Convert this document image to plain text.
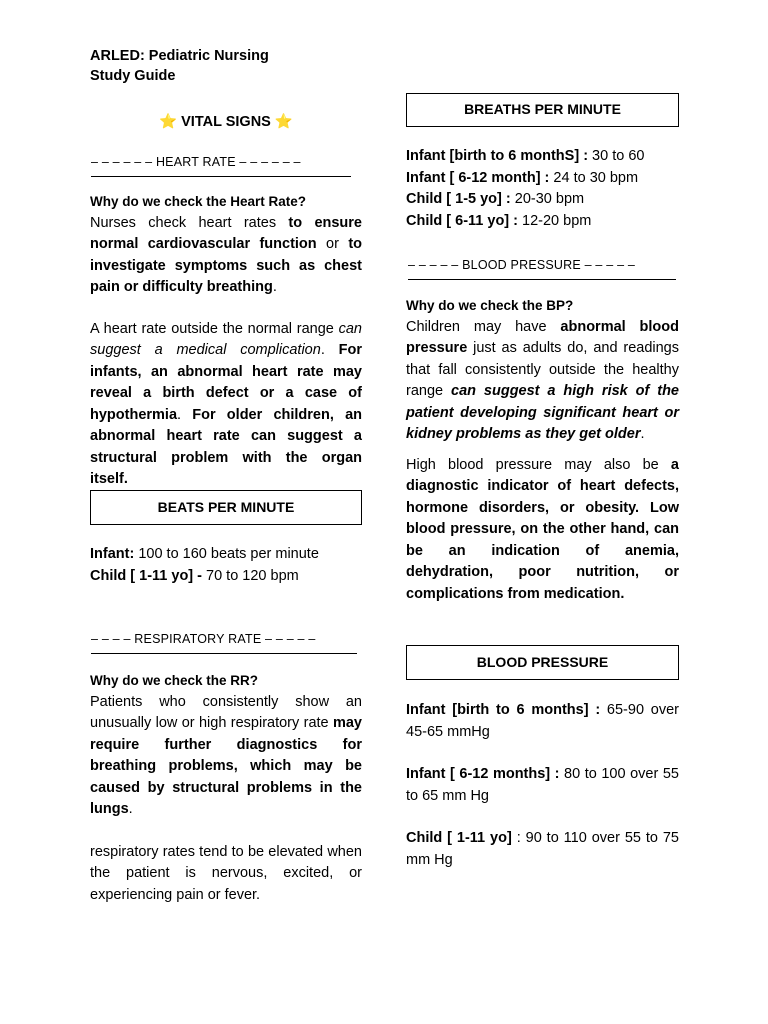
ARLED: Pediatric Nursing
Study Guide
⭐ VITAL SIGNS ⭐
– – – – – – HEART RATE – – – – – –
Why do we check the Heart Rate?
Nurses check heart rates to ensure normal cardiovascular function or to investigate symptoms such as chest pain or difficulty breathing.
A heart rate outside the normal range can suggest a medical complication. For infants, an abnormal heart rate may reveal a birth defect or a case of hypothermia. For older children, an abnormal heart rate can suggest a structural problem with the organ itself.
BEATS PER MINUTE
Infant: 100 to 160 beats per minute
Child [ 1-11 yo] - 70 to 120 bpm
– – – – RESPIRATORY RATE – – – – –
Why do we check the RR?
Patients who consistently show an unusually low or high respiratory rate may require further diagnostics for breathing problems, which may be caused by structural problems in the lungs.
respiratory rates tend to be elevated when the patient is nervous, excited, or experiencing pain or fever.
BREATHS PER MINUTE
Infant [birth to 6 monthS] : 30 to 60
Infant [ 6-12 month] : 24 to 30 bpm
Child [ 1-5 yo] : 20-30 bpm
Child [ 6-11 yo] : 12-20 bpm
– – – – – BLOOD PRESSURE – – – – –
Why do we check the BP?
Children may have abnormal blood pressure just as adults do, and readings that fall consistently outside the healthy range can suggest a high risk of the patient developing significant heart or kidney problems as they get older.
High blood pressure may also be a diagnostic indicator of heart defects, hormone disorders, or obesity. Low blood pressure, on the other hand, can be an indication of anemia, dehydration, poor nutrition, or complications from medication.
BLOOD PRESSURE
Infant [birth to 6 months] : 65-90 over 45-65 mmHg
Infant [ 6-12 months] : 80 to 100 over 55 to 65 mm Hg
Child [ 1-11 yo] : 90 to 110 over 55 to 75 mm Hg
